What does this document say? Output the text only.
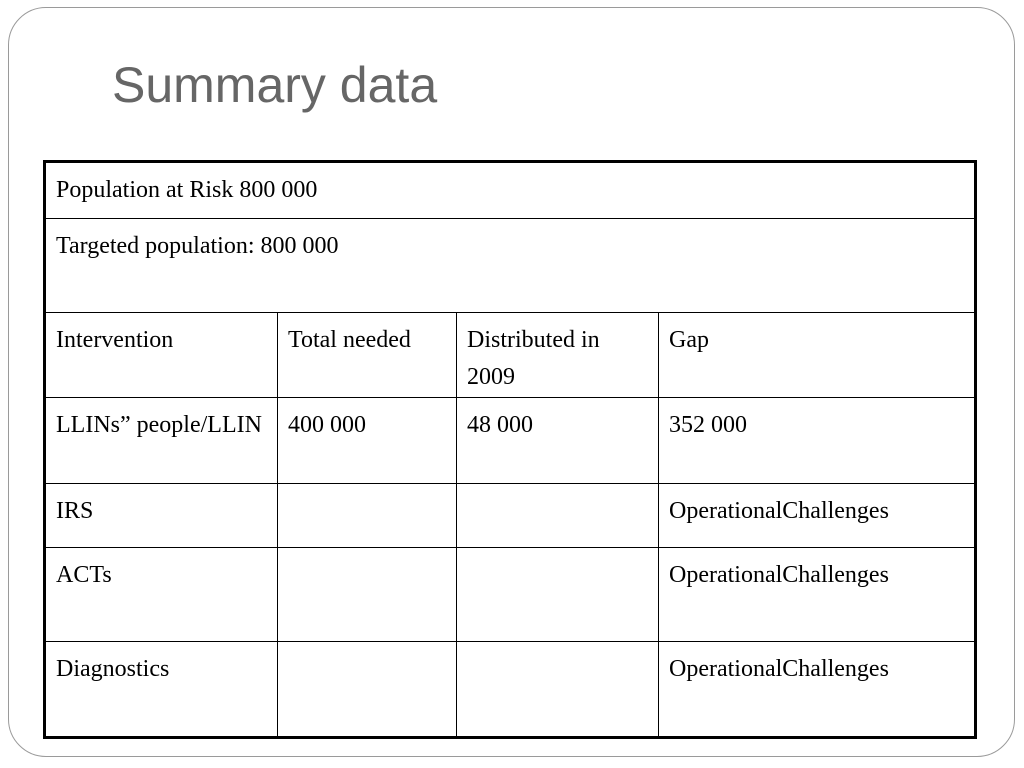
Summary data
Population at Risk 800 000			
Targeted population: 800 000			
Intervention	Total needed	Distributed in 2009	Gap
LLINs” people/LLIN	400 000	48 000	352 000
IRS			OperationalChallenges
ACTs			OperationalChallenges
Diagnostics			OperationalChallenges
